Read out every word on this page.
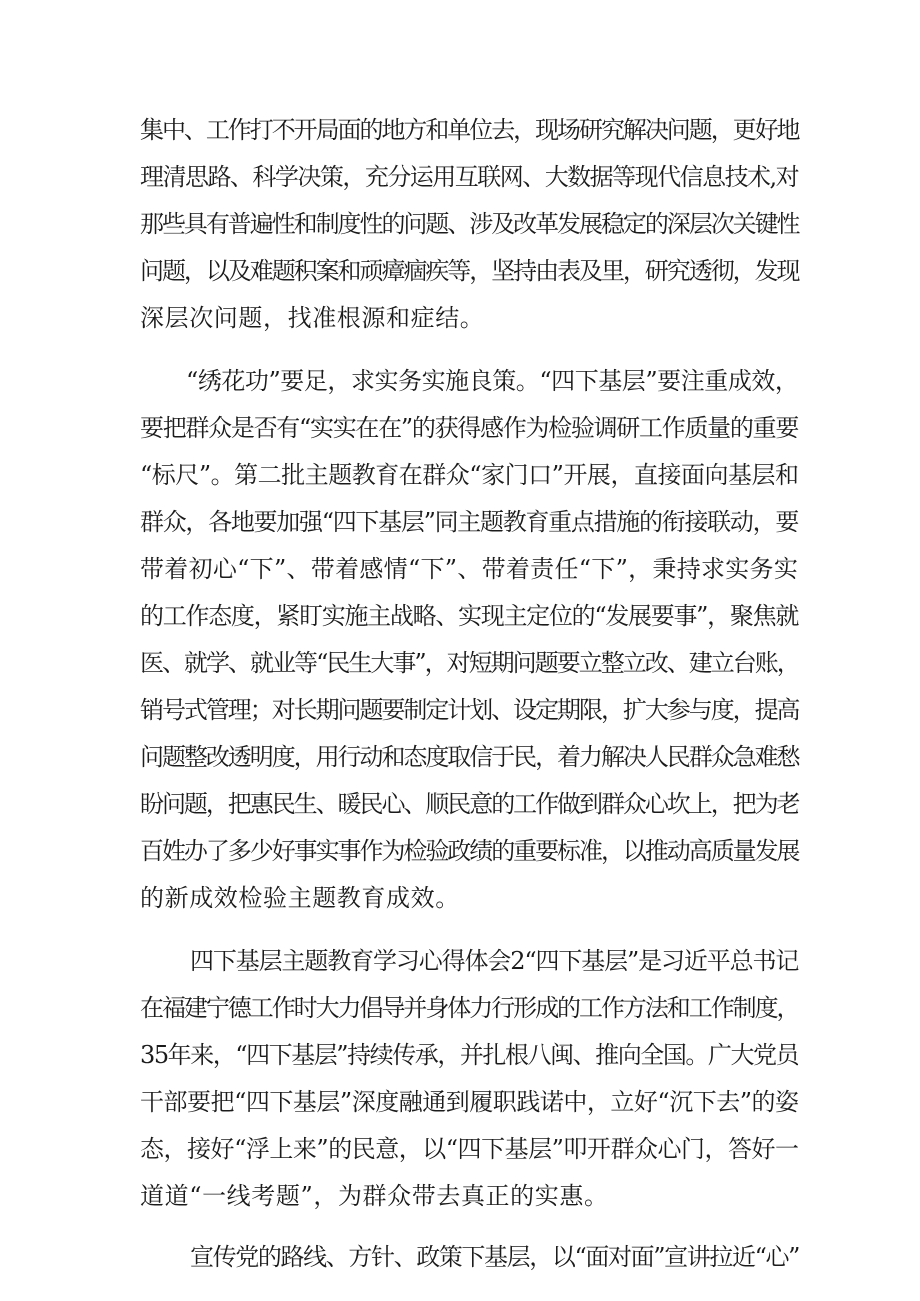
集中、工作打不开局面的地方和单位去，现场研究解决问题，更好地
理清思路、科学决策，充分运用互联网、大数据等现代信息技术,对
那些具有普遍性和制度性的问题、涉及改革发展稳定的深层次关键性
问题，以及难题积案和顽瘴痼疾等，坚持由表及里，研究透彻，发现
深层次问题，找准根源和症结。
“绣花功”要足，求实务实施良策。“四下基层”要注重成效，
要把群众是否有“实实在在”的获得感作为检验调研工作质量的重要
“标尺”。第二批主题教育在群众“家门口”开展，直接面向基层和
群众，各地要加强“四下基层”同主题教育重点措施的衔接联动，要
带着初心“下”、带着感情“下”、带着责任“下”，秉持求实务实
的工作态度，紧盯实施主战略、实现主定位的“发展要事”，聚焦就
医、就学、就业等“民生大事”，对短期问题要立整立改、建立台账，
销号式管理；对长期问题要制定计划、设定期限，扩大参与度，提高
问题整改透明度，用行动和态度取信于民，着力解决人民群众急难愁
盼问题，把惠民生、暖民心、顺民意的工作做到群众心坎上，把为老
百姓办了多少好事实事作为检验政绩的重要标准，以推动高质量发展
的新成效检验主题教育成效。
四下基层主题教育学习心得体会2“四下基层”是习近平总书记
在福建宁德工作时大力倡导并身体力行形成的工作方法和工作制度，
35年来，“四下基层”持续传承，并扎根八闽、推向全国。广大党员
干部要把“四下基层”深度融通到履职践诺中，立好“沉下去”的姿
态，接好“浮上来”的民意，以“四下基层”叩开群众心门，答好一
道道“一线考题”，为群众带去真正的实惠。
宣传党的路线、方针、政策下基层，以“面对面”宣讲拉近“心”
